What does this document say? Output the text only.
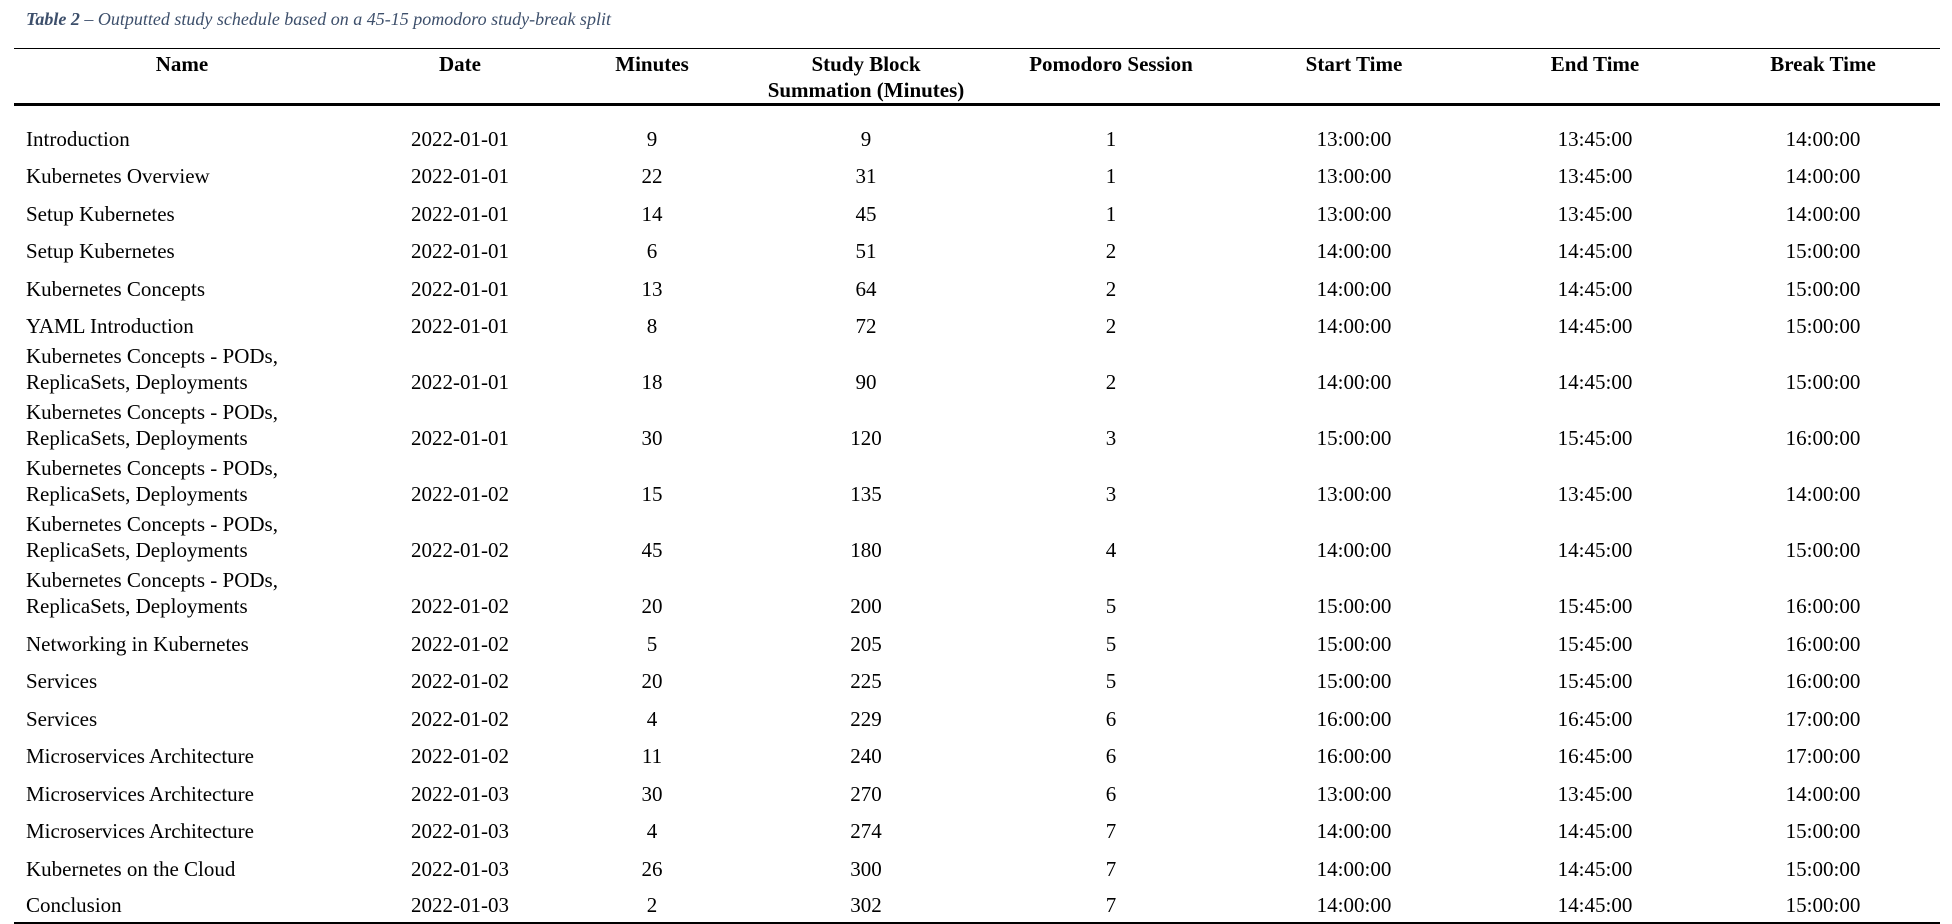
Table 2 – Outputted study schedule based on a 45-15 pomodoro study-break split
Name	Date	Minutes	Study Block
Summation (Minutes)	Pomodoro Session	Start Time	End Time	Break Time
Introduction	2022-01-01	9	9	1	13:00:00	13:45:00	14:00:00
Kubernetes Overview	2022-01-01	22	31	1	13:00:00	13:45:00	14:00:00
Setup Kubernetes	2022-01-01	14	45	1	13:00:00	13:45:00	14:00:00
Setup Kubernetes	2022-01-01	6	51	2	14:00:00	14:45:00	15:00:00
Kubernetes Concepts	2022-01-01	13	64	2	14:00:00	14:45:00	15:00:00
YAML Introduction	2022-01-01	8	72	2	14:00:00	14:45:00	15:00:00
Kubernetes Concepts - PODs,
ReplicaSets, Deployments	2022-01-01	18	90	2	14:00:00	14:45:00	15:00:00
Kubernetes Concepts - PODs,
ReplicaSets, Deployments	2022-01-01	30	120	3	15:00:00	15:45:00	16:00:00
Kubernetes Concepts - PODs,
ReplicaSets, Deployments	2022-01-02	15	135	3	13:00:00	13:45:00	14:00:00
Kubernetes Concepts - PODs,
ReplicaSets, Deployments	2022-01-02	45	180	4	14:00:00	14:45:00	15:00:00
Kubernetes Concepts - PODs,
ReplicaSets, Deployments	2022-01-02	20	200	5	15:00:00	15:45:00	16:00:00
Networking in Kubernetes	2022-01-02	5	205	5	15:00:00	15:45:00	16:00:00
Services	2022-01-02	20	225	5	15:00:00	15:45:00	16:00:00
Services	2022-01-02	4	229	6	16:00:00	16:45:00	17:00:00
Microservices Architecture	2022-01-02	11	240	6	16:00:00	16:45:00	17:00:00
Microservices Architecture	2022-01-03	30	270	6	13:00:00	13:45:00	14:00:00
Microservices Architecture	2022-01-03	4	274	7	14:00:00	14:45:00	15:00:00
Kubernetes on the Cloud	2022-01-03	26	300	7	14:00:00	14:45:00	15:00:00
Conclusion	2022-01-03	2	302	7	14:00:00	14:45:00	15:00:00
